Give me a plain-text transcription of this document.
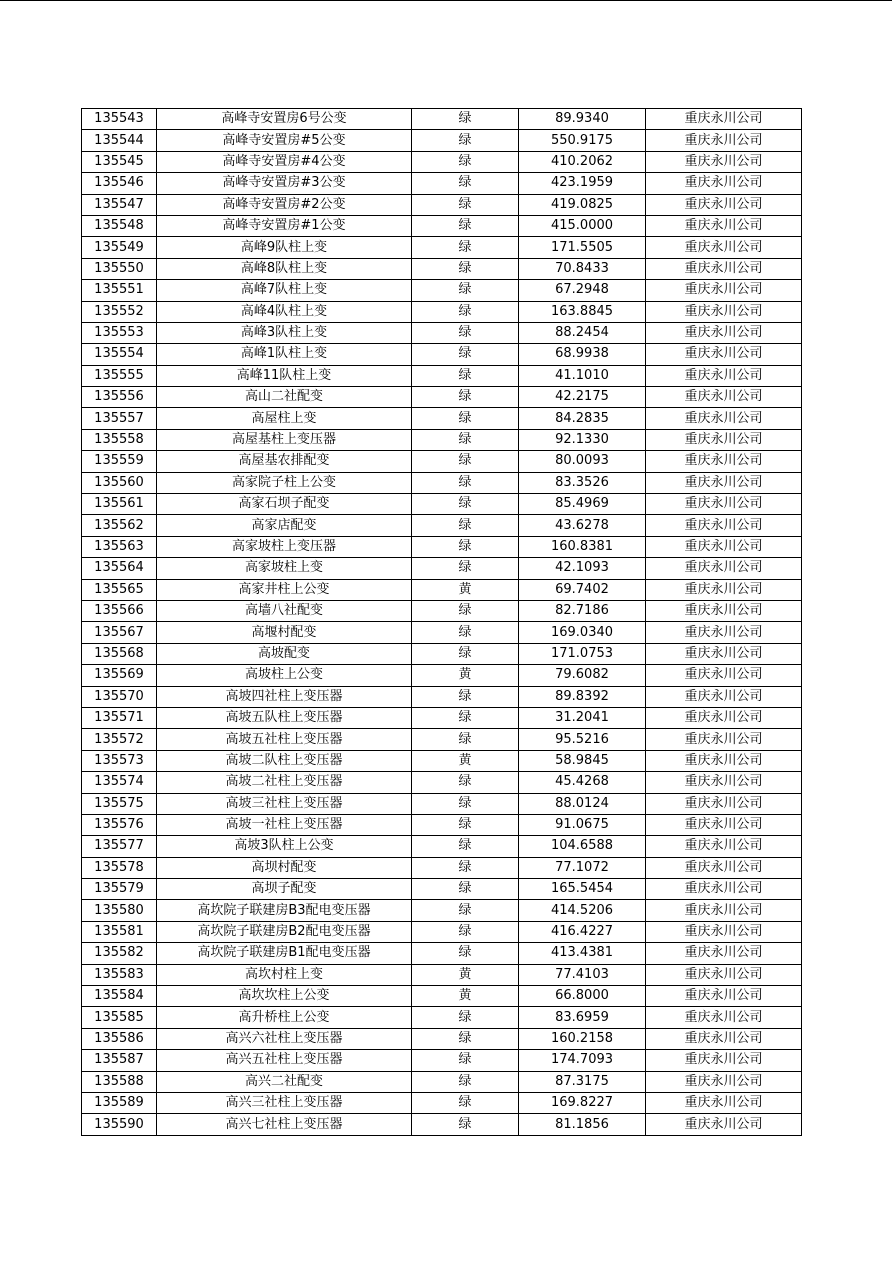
135543	高峰寺安置房6号公变	绿	89.9340	重庆永川公司
135544	高峰寺安置房#5公变	绿	550.9175	重庆永川公司
135545	高峰寺安置房#4公变	绿	410.2062	重庆永川公司
135546	高峰寺安置房#3公变	绿	423.1959	重庆永川公司
135547	高峰寺安置房#2公变	绿	419.0825	重庆永川公司
135548	高峰寺安置房#1公变	绿	415.0000	重庆永川公司
135549	高峰9队柱上变	绿	171.5505	重庆永川公司
135550	高峰8队柱上变	绿	70.8433	重庆永川公司
135551	高峰7队柱上变	绿	67.2948	重庆永川公司
135552	高峰4队柱上变	绿	163.8845	重庆永川公司
135553	高峰3队柱上变	绿	88.2454	重庆永川公司
135554	高峰1队柱上变	绿	68.9938	重庆永川公司
135555	高峰11队柱上变	绿	41.1010	重庆永川公司
135556	高山二社配变	绿	42.2175	重庆永川公司
135557	高屋柱上变	绿	84.2835	重庆永川公司
135558	高屋基柱上变压器	绿	92.1330	重庆永川公司
135559	高屋基农排配变	绿	80.0093	重庆永川公司
135560	高家院子柱上公变	绿	83.3526	重庆永川公司
135561	高家石坝子配变	绿	85.4969	重庆永川公司
135562	高家店配变	绿	43.6278	重庆永川公司
135563	高家坡柱上变压器	绿	160.8381	重庆永川公司
135564	高家坡柱上变	绿	42.1093	重庆永川公司
135565	高家井柱上公变	黄	69.7402	重庆永川公司
135566	高墙八社配变	绿	82.7186	重庆永川公司
135567	高堰村配变	绿	169.0340	重庆永川公司
135568	高坡配变	绿	171.0753	重庆永川公司
135569	高坡柱上公变	黄	79.6082	重庆永川公司
135570	高坡四社柱上变压器	绿	89.8392	重庆永川公司
135571	高坡五队柱上变压器	绿	31.2041	重庆永川公司
135572	高坡五社柱上变压器	绿	95.5216	重庆永川公司
135573	高坡二队柱上变压器	黄	58.9845	重庆永川公司
135574	高坡二社柱上变压器	绿	45.4268	重庆永川公司
135575	高坡三社柱上变压器	绿	88.0124	重庆永川公司
135576	高坡一社柱上变压器	绿	91.0675	重庆永川公司
135577	高坡3队柱上公变	绿	104.6588	重庆永川公司
135578	高坝村配变	绿	77.1072	重庆永川公司
135579	高坝子配变	绿	165.5454	重庆永川公司
135580	高坎院子联建房B3配电变压器	绿	414.5206	重庆永川公司
135581	高坎院子联建房B2配电变压器	绿	416.4227	重庆永川公司
135582	高坎院子联建房B1配电变压器	绿	413.4381	重庆永川公司
135583	高坎村柱上变	黄	77.4103	重庆永川公司
135584	高坎坎柱上公变	黄	66.8000	重庆永川公司
135585	高升桥柱上公变	绿	83.6959	重庆永川公司
135586	高兴六社柱上变压器	绿	160.2158	重庆永川公司
135587	高兴五社柱上变压器	绿	174.7093	重庆永川公司
135588	高兴二社配变	绿	87.3175	重庆永川公司
135589	高兴三社柱上变压器	绿	169.8227	重庆永川公司
135590	高兴七社柱上变压器	绿	81.1856	重庆永川公司
